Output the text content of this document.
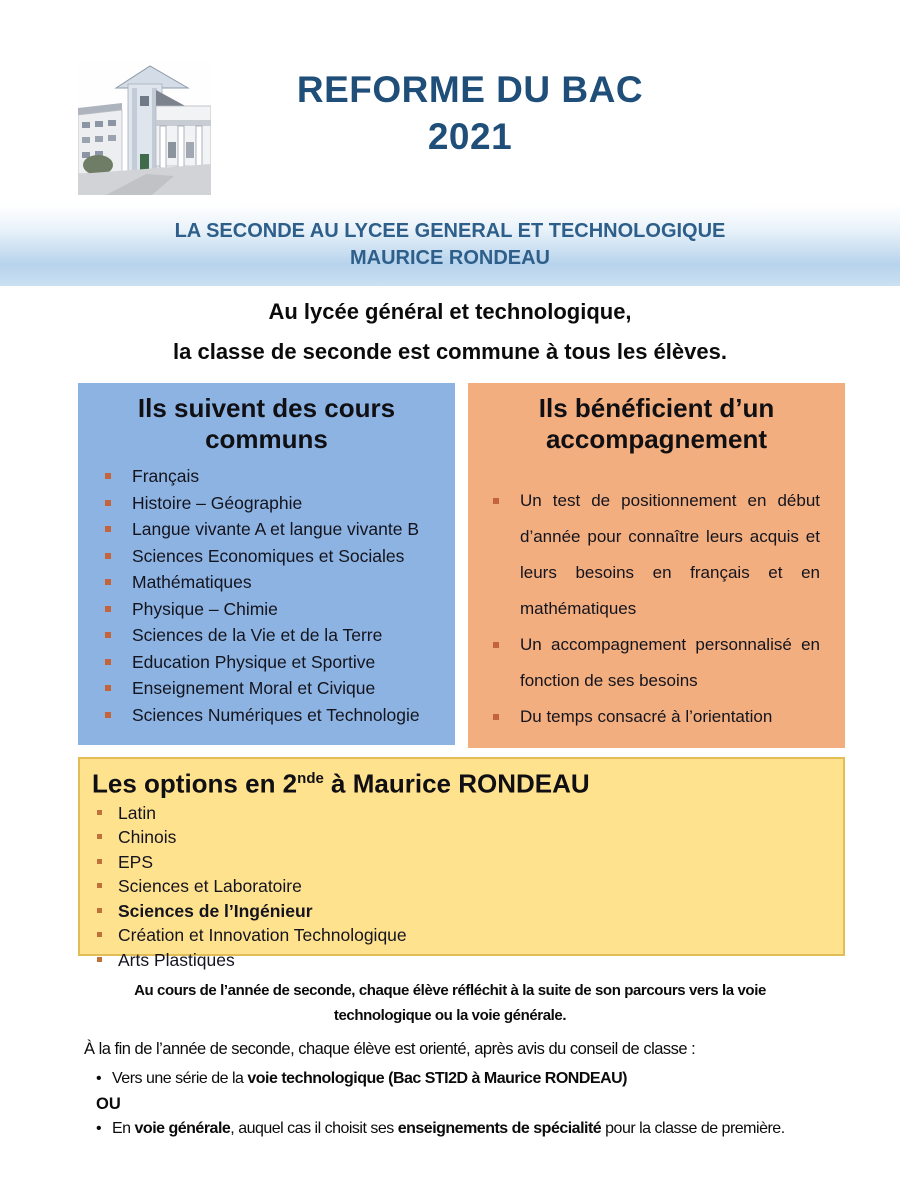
REFORME DU BAC
2021
LA SECONDE AU LYCEE GENERAL ET TECHNOLOGIQUE
MAURICE RONDEAU
Au lycée général et technologique,
la classe de seconde est commune à tous les élèves.
Ils suivent des cours
communs
Français
Histoire – Géographie
Langue vivante A et langue vivante B
Sciences Economiques et Sociales
Mathématiques
Physique – Chimie
Sciences de la Vie et de la Terre
Education Physique et Sportive
Enseignement Moral et Civique
Sciences Numériques et Technologie
Ils bénéficient d’un
accompagnement
Un test de positionnement en début d’année pour connaître leurs acquis et leurs besoins en français et en mathématiques
Un accompagnement personnalisé en fonction de ses besoins
Du temps consacré à l’orientation
Les options en 2nde à Maurice RONDEAU
Latin
Chinois
EPS
Sciences et Laboratoire
Sciences de l’Ingénieur
Création et Innovation Technologique
Arts Plastiques
Au cours de l’année de seconde, chaque élève réfléchit à la suite de son parcours vers la voie
technologique ou la voie générale.
À la fin de l’année de seconde, chaque élève est orienté, après avis du conseil de classe :
• Vers une série de la voie technologique (Bac STI2D à Maurice RONDEAU)
OU
• En voie générale, auquel cas il choisit ses enseignements de spécialité pour la classe de première.
